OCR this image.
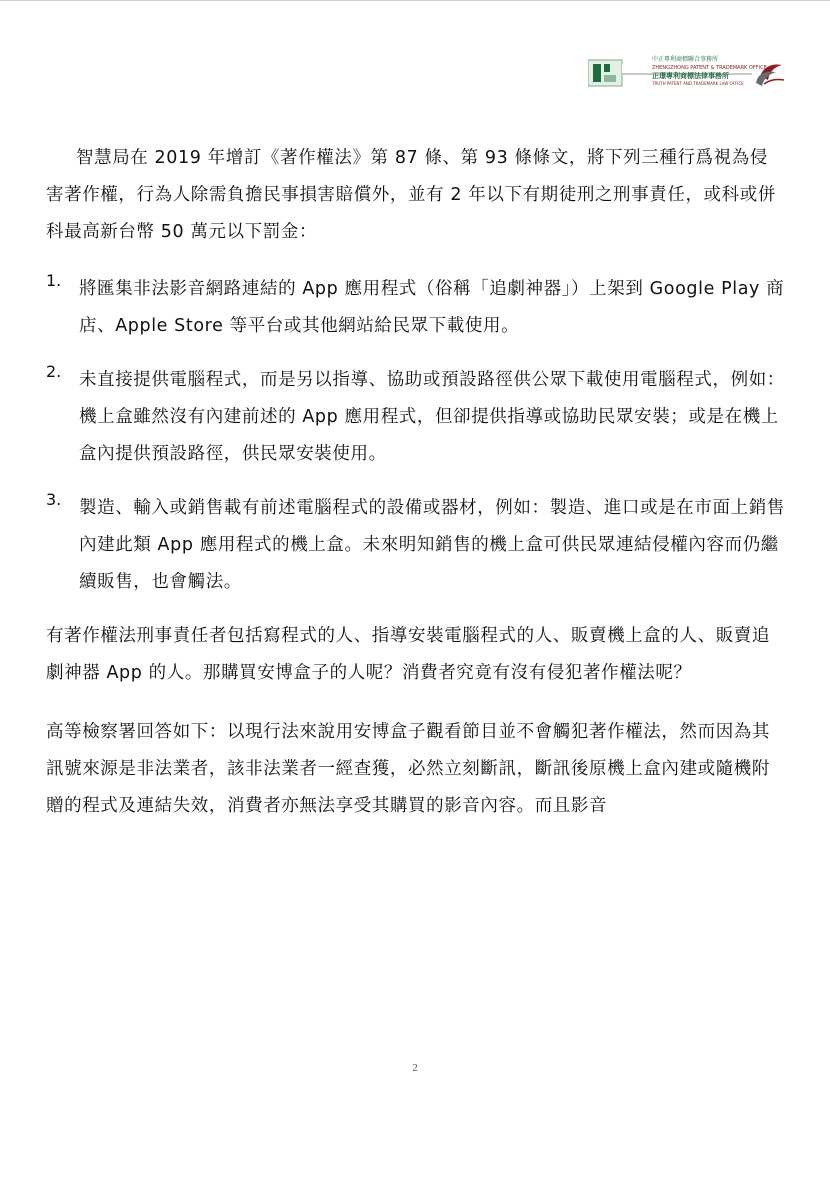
中正專利商標聯合事務所
ZHENGZHONG PATENT & TRADEMARK OFFICE
正璟專利商標法律事務所
TRUTH PATENT AND TRADEMARK LAW OFFICE

智慧局在 2019 年增訂《著作權法》第 87 條、第 93 條條文，將下列三種行爲視為侵害著作權，行為人除需負擔民事損害賠償外，並有 2 年以下有期徒刑之刑事責任，或科或併科最高新台幣 50 萬元以下罰金：

1. 將匯集非法影音網路連結的 App 應用程式（俗稱「追劇神器」）上架到 Google Play 商店、Apple Store 等平台或其他網站給民眾下載使用。

2. 未直接提供電腦程式，而是另以指導、協助或預設路徑供公眾下載使用電腦程式，例如：機上盒雖然沒有內建前述的 App 應用程式，但卻提供指導或協助民眾安裝；或是在機上盒內提供預設路徑，供民眾安裝使用。

3. 製造、輸入或銷售載有前述電腦程式的設備或器材，例如：製造、進口或是在市面上銷售內建此類 App 應用程式的機上盒。未來明知銷售的機上盒可供民眾連結侵權內容而仍繼續販售，也會觸法。

有著作權法刑事責任者包括寫程式的人、指導安裝電腦程式的人、販賣機上盒的人、販賣追劇神器 App 的人。那購買安博盒子的人呢？消費者究竟有沒有侵犯著作權法呢？

高等檢察署回答如下：以現行法來說用安博盒子觀看節目並不會觸犯著作權法，然而因為其訊號來源是非法業者，該非法業者一經查獲，必然立刻斷訊，斷訊後原機上盒內建或隨機附贈的程式及連結失效，消費者亦無法享受其購買的影音內容。而且影音

2
